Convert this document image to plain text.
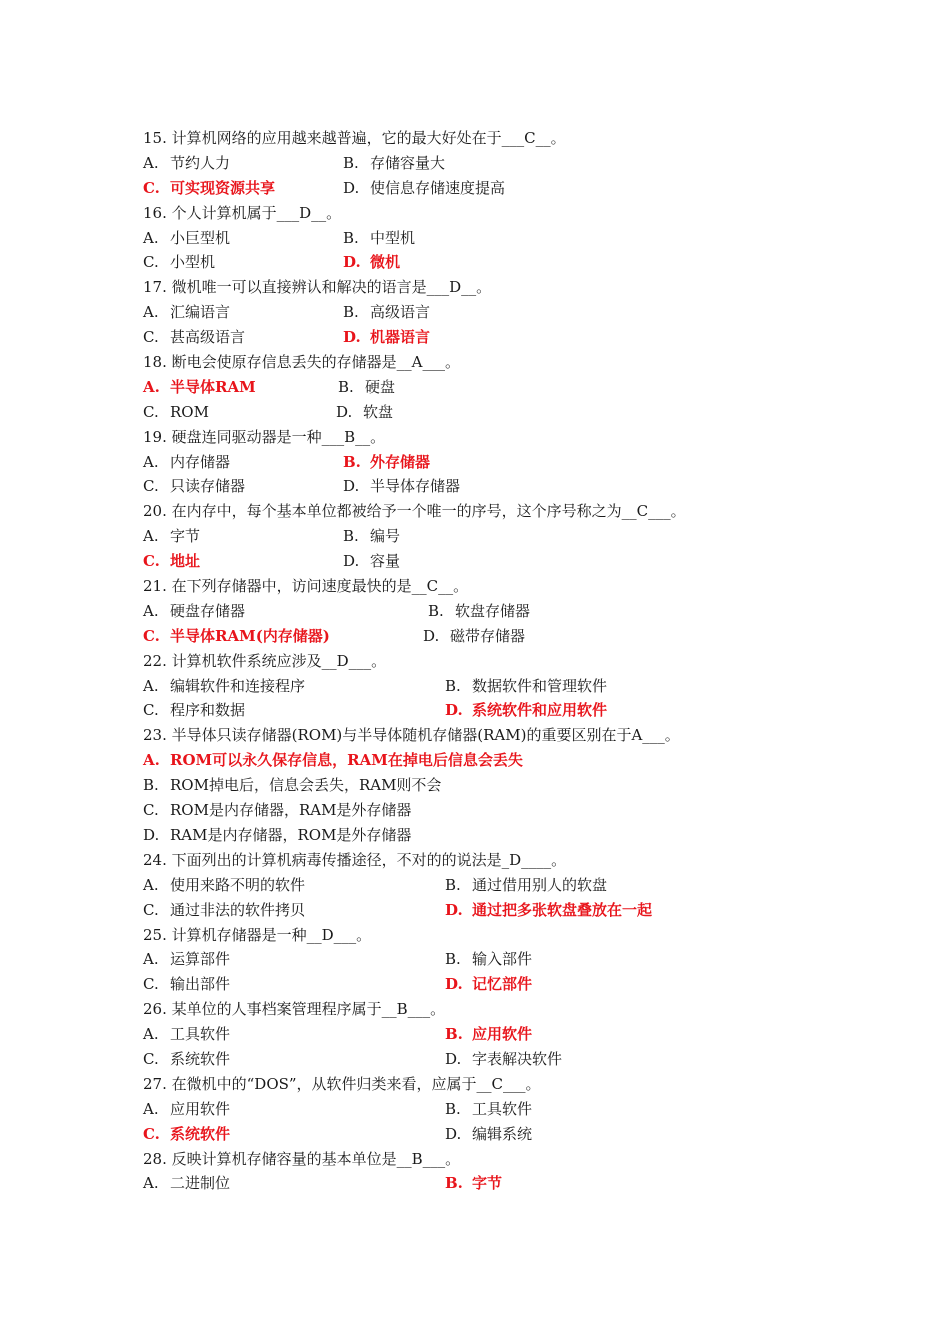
15. 计算机网络的应用越来越普遍，它的最大好处在于___C__。
A. 节约人力	B. 存储容量大
C. 可实现资源共享	D. 使信息存储速度提高
16. 个人计算机属于___D__。
A. 小巨型机	B. 中型机
C. 小型机	D. 微机
17. 微机唯一可以直接辨认和解决的语言是___D__。
A. 汇编语言	B. 高级语言
C. 甚高级语言	D. 机器语言
18. 断电会使原存信息丢失的存储器是__A___。
A. 半导体RAM	B. 硬盘
C. ROM	D. 软盘
19. 硬盘连同驱动器是一种___B__。
A. 内存储器	B. 外存储器
C. 只读存储器	D. 半导体存储器
20. 在内存中，每个基本单位都被给予一个唯一的序号，这个序号称之为__C___。
A. 字节	B. 编号
C. 地址	D. 容量
21. 在下列存储器中，访问速度最快的是__C__。
A. 硬盘存储器	B. 软盘存储器
C. 半导体RAM(内存储器)	D. 磁带存储器
22. 计算机软件系统应涉及__D___。
A. 编辑软件和连接程序	B. 数据软件和管理软件
C. 程序和数据	D. 系统软件和应用软件
23. 半导体只读存储器(ROM)与半导体随机存储器(RAM)的重要区别在于A___。
A. ROM可以永久保存信息，RAM在掉电后信息会丢失
B. ROM掉电后，信息会丢失，RAM则不会
C. ROM是内存储器，RAM是外存储器
D. RAM是内存储器，ROM是外存储器
24. 下面列出的计算机病毒传播途径，不对的的说法是_D____。
A. 使用来路不明的软件	B. 通过借用别人的软盘
C. 通过非法的软件拷贝	D. 通过把多张软盘叠放在一起
25. 计算机存储器是一种__D___。
A. 运算部件	B. 输入部件
C. 输出部件	D. 记忆部件
26. 某单位的人事档案管理程序属于__B___。
A. 工具软件	B. 应用软件
C. 系统软件	D. 字表解决软件
27. 在微机中的“DOS”，从软件归类来看，应属于__C___。
A. 应用软件	B. 工具软件
C. 系统软件	D. 编辑系统
28. 反映计算机存储容量的基本单位是__B___。
A. 二进制位	B. 字节
